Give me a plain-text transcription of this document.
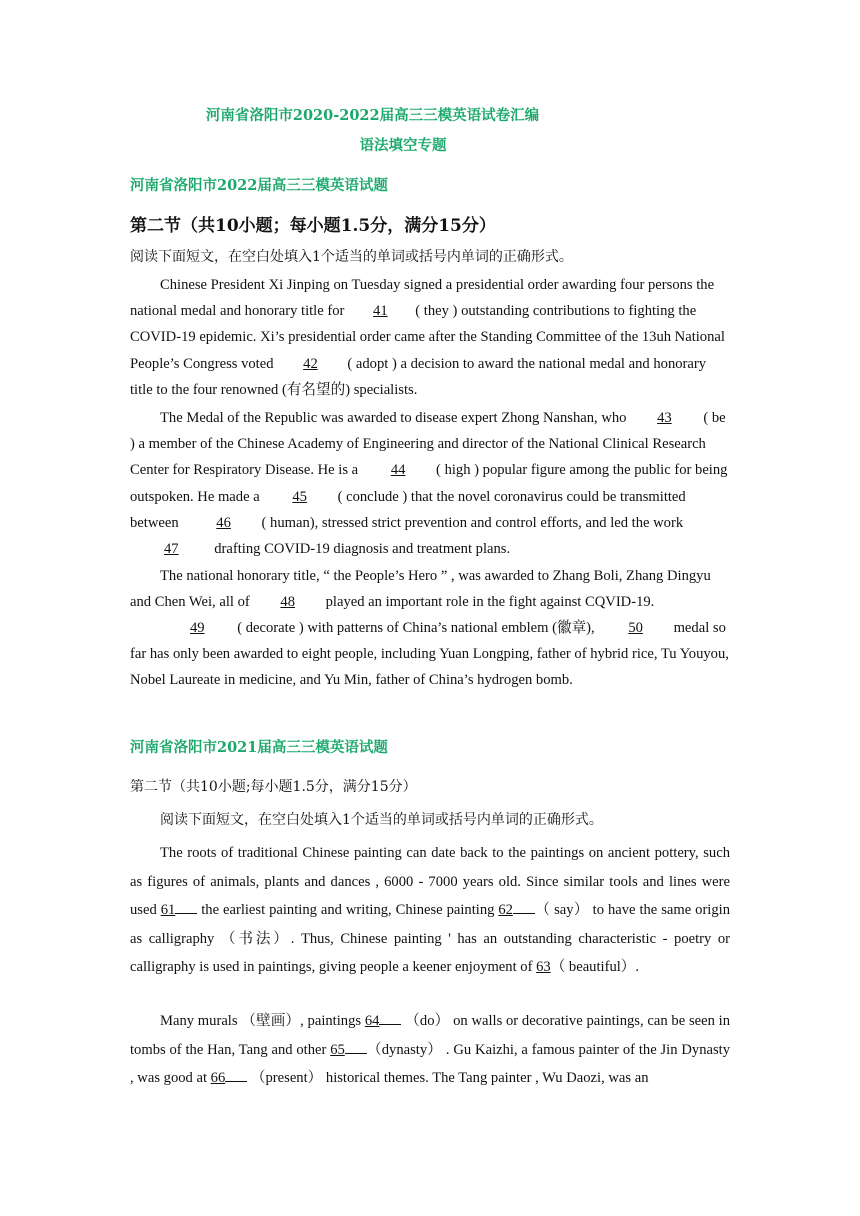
河南省洛阳市2020-2022届高三三模英语试卷汇编
语法填空专题
河南省洛阳市2022届高三三模英语试题
第二节（共10小题；每小题1.5分，满分15分）
阅读下面短文，在空白处填入1个适当的单词或括号内单词的正确形式。

Chinese President Xi Jinping on Tuesday signed a presidential order awarding four persons the national medal and honorary title for 41 ( they ) outstanding contributions to fighting the COVID-19 epidemic. Xi’s presidential order came after the Standing Committee of the 13uh National People’s Congress voted 42 ( adopt ) a decision to award the national medal and honorary title to the four renowned (有名望的) specialists.

The Medal of the Republic was awarded to disease expert Zhong Nanshan, who 43 ( be ) a member of the Chinese Academy of Engineering and director of the National Clinical Research Center for Respiratory Disease. He is a 44 ( high ) popular figure among the public for being outspoken. He made a 45 ( conclude ) that the novel coronavirus could be transmitted between 46 ( human), stressed strict prevention and control efforts, and led the work 47 drafting COVID-19 diagnosis and treatment plans.

The national honorary title, “ the People’s Hero ” , was awarded to Zhang Boli, Zhang Dingyu and Chen Wei, all of 48 played an important role in the fight against CQVID-19.

49 ( decorate ) with patterns of China’s national emblem (徽章), 50 medal so far has only been awarded to eight people, including Yuan Longping, father of hybrid rice, Tu Youyou, Nobel Laureate in medicine, and Yu Min, father of China’s hydrogen bomb.

河南省洛阳市2021届高三三模英语试题
第二节（共10小题;每小题1.5分，满分15分）
阅读下面短文，在空白处填入1个适当的单词或括号内单词的正确形式。

The roots of traditional Chinese painting can date back to the paintings on ancient pottery, such as figures of animals, plants and dances , 6000 - 7000 years old. Since similar tools and lines were used 61 the earliest painting and writing, Chinese painting 62 （ say） to have the same origin as calligraphy （书法）. Thus, Chinese painting ' has an outstanding characteristic - poetry or calligraphy is used in paintings, giving people a keener enjoyment of 63（ beautiful）.

Many murals （壁画）, paintings 64 （do） on walls or decorative paintings, can be seen in tombs of the Han, Tang and other 65 （dynasty） . Gu Kaizhi, a famous painter of the Jin Dynasty , was good at 66 （present） historical themes. The Tang painter , Wu Daozi, was an
